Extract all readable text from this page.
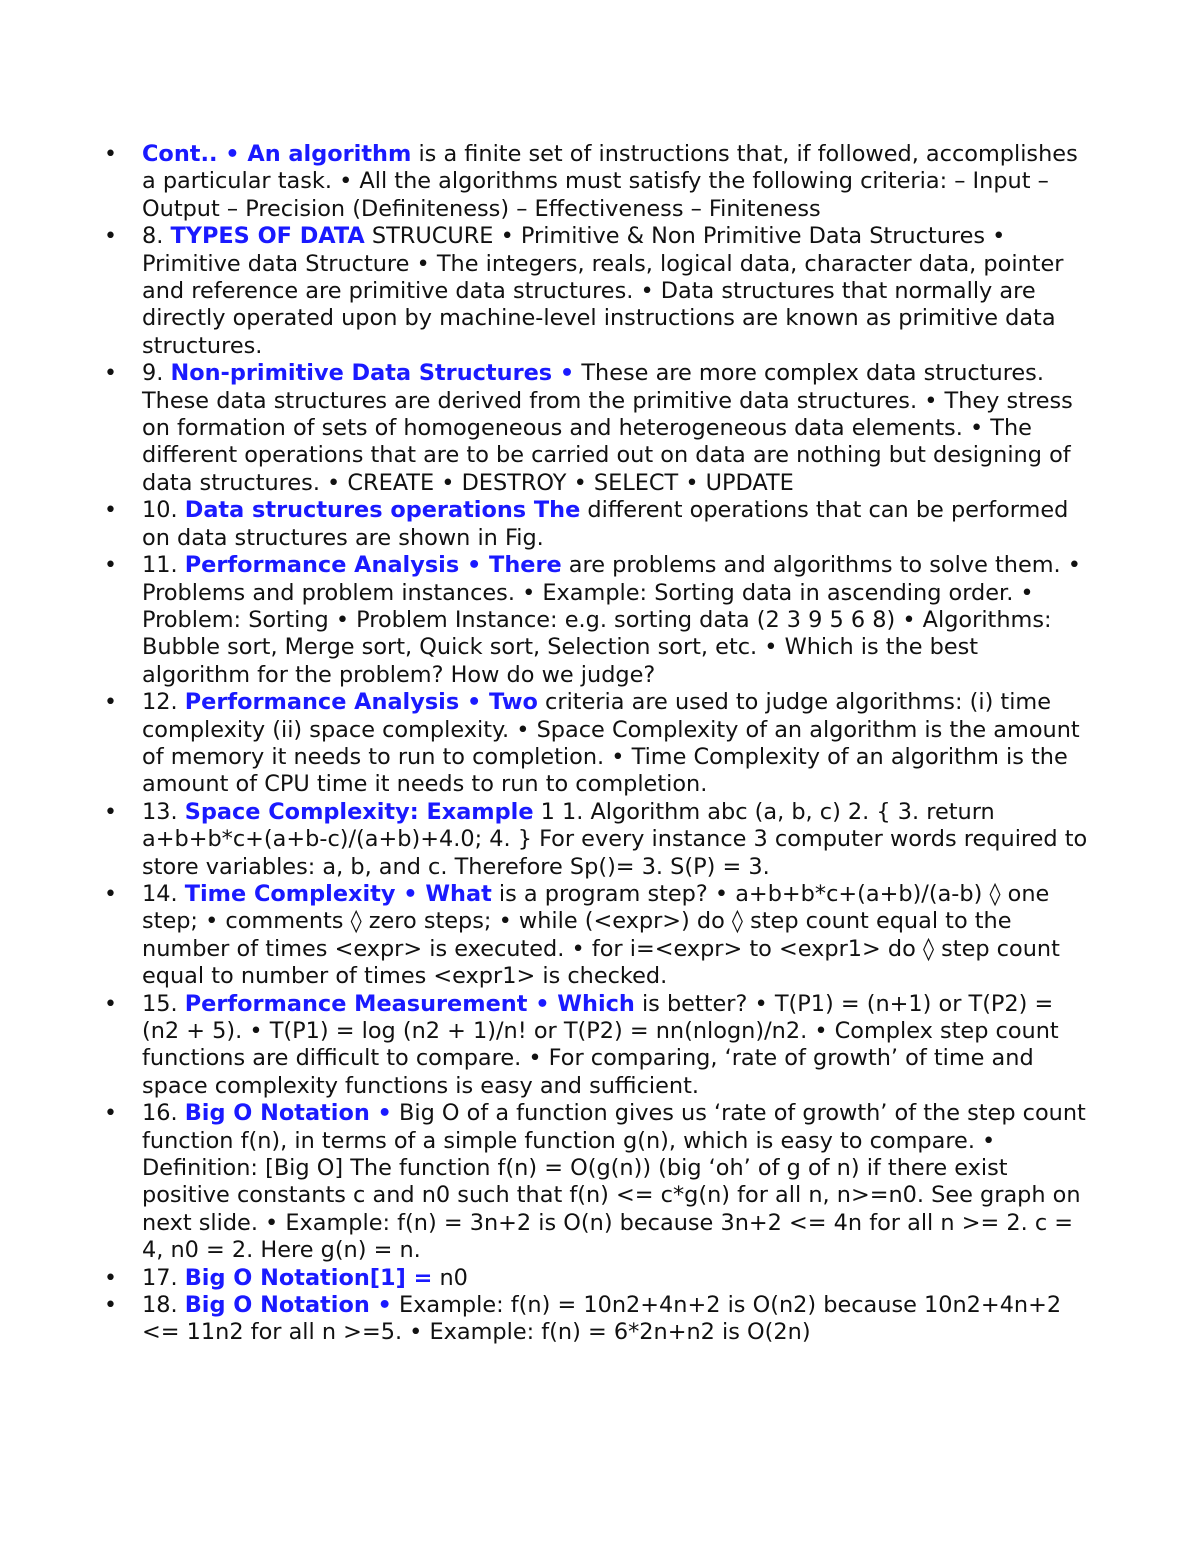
• Cont.. • An algorithm is a finite set of instructions that, if followed, accomplishes a particular task. • All the algorithms must satisfy the following criteria: – Input – Output – Precision (Definiteness) – Effectiveness – Finiteness
• 8. TYPES OF DATA STRUCURE • Primitive & Non Primitive Data Structures • Primitive data Structure • The integers, reals, logical data, character data, pointer and reference are primitive data structures. • Data structures that normally are directly operated upon by machine-level instructions are known as primitive data structures.
• 9. Non-primitive Data Structures • These are more complex data structures. These data structures are derived from the primitive data structures. • They stress on formation of sets of homogeneous and heterogeneous data elements. • The different operations that are to be carried out on data are nothing but designing of data structures. • CREATE • DESTROY • SELECT • UPDATE
• 10. Data structures operations The different operations that can be performed on data structures are shown in Fig.
• 11. Performance Analysis • There are problems and algorithms to solve them. • Problems and problem instances. • Example: Sorting data in ascending order. • Problem: Sorting • Problem Instance: e.g. sorting data (2 3 9 5 6 8) • Algorithms: Bubble sort, Merge sort, Quick sort, Selection sort, etc. • Which is the best algorithm for the problem? How do we judge?
• 12. Performance Analysis • Two criteria are used to judge algorithms: (i) time complexity (ii) space complexity. • Space Complexity of an algorithm is the amount of memory it needs to run to completion. • Time Complexity of an algorithm is the amount of CPU time it needs to run to completion.
• 13. Space Complexity: Example 1 1. Algorithm abc (a, b, c) 2. { 3. return a+b+b*c+(a+b-c)/(a+b)+4.0; 4. } For every instance 3 computer words required to store variables: a, b, and c. Therefore Sp()= 3. S(P) = 3.
• 14. Time Complexity • What is a program step? • a+b+b*c+(a+b)/(a-b) ◊ one step; • comments ◊ zero steps; • while (<expr>) do ◊ step count equal to the number of times <expr> is executed. • for i=<expr> to <expr1> do ◊ step count equal to number of times <expr1> is checked.
• 15. Performance Measurement • Which is better? • T(P1) = (n+1) or T(P2) = (n2 + 5). • T(P1) = log (n2 + 1)/n! or T(P2) = nn(nlogn)/n2. • Complex step count functions are difficult to compare. • For comparing, ‘rate of growth’ of time and space complexity functions is easy and sufficient.
• 16. Big O Notation • Big O of a function gives us ‘rate of growth’ of the step count function f(n), in terms of a simple function g(n), which is easy to compare. • Definition: [Big O] The function f(n) = O(g(n)) (big ‘oh’ of g of n) if there exist positive constants c and n0 such that f(n) <= c*g(n) for all n, n>=n0. See graph on next slide. • Example: f(n) = 3n+2 is O(n) because 3n+2 <= 4n for all n >= 2. c = 4, n0 = 2. Here g(n) = n.
• 17. Big O Notation[1] = n0
• 18. Big O Notation • Example: f(n) = 10n2+4n+2 is O(n2) because 10n2+4n+2 <= 11n2 for all n >=5. • Example: f(n) = 6*2n+n2 is O(2n)
